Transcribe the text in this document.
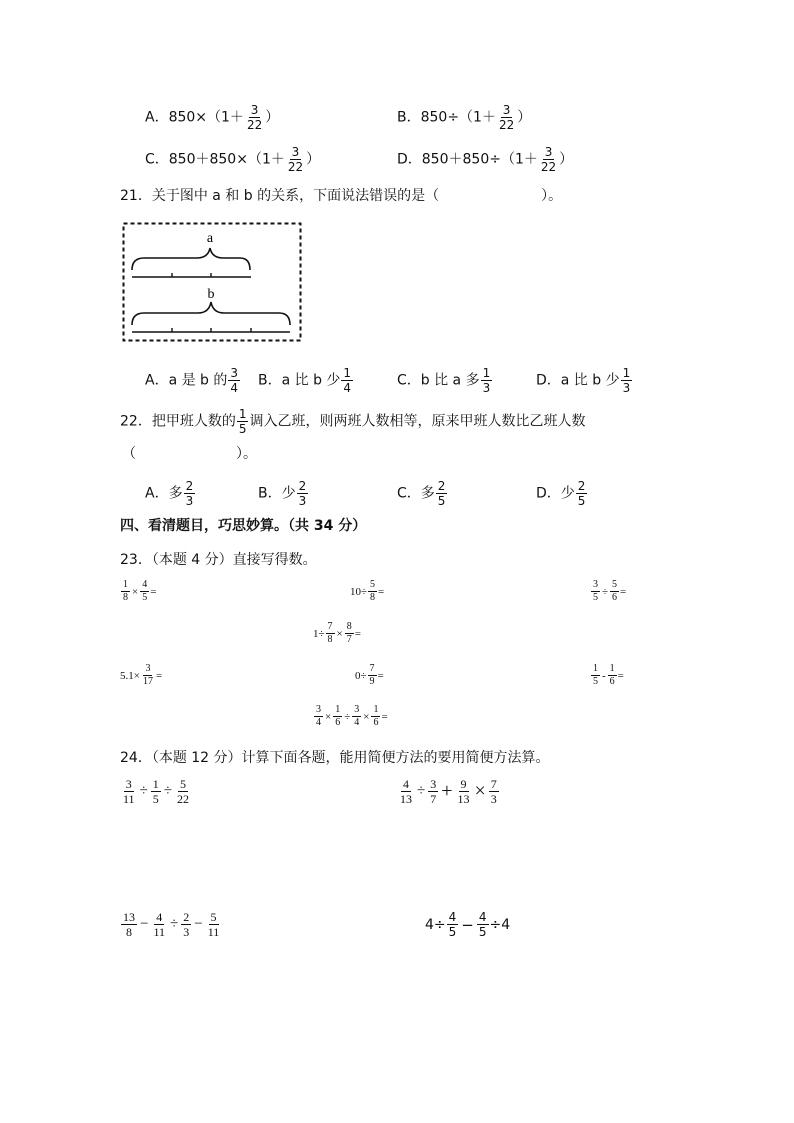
A．$850\times(1+ \frac{3}{22}$ ）	B．$850\div(1+ \frac{3}{22}$ ）
C．$850+850\times(1+ \frac{3}{22}$ ）	D．$850+850\div(1+ \frac{3}{22}$ ）
21．关于图中 a 和 b 的关系，下面说法错误的是（	）。
a
b
A．a 是 b 的 $\frac{3}{4}$ B．a 比 b 少 $\frac{1}{4}$	C．b 比 a 多 $\frac{1}{3}$	D．a 比 b 少 $\frac{1}{3}$
22．把甲班人数的 $\frac{1}{5}$ 调入乙班，则两班人数相等，原来甲班人数比乙班人数
（	）。
A．多 $\frac{2}{3}$	B．少 $\frac{2}{3}$	C．多 $\frac{2}{5}$	D．少 $\frac{2}{5}$
四、看清题目，巧思妙算。（共 34 分）
23．（本题 4 分）直接写得数。
$\frac{1}{8} \times \frac{4}{5}$ =	$10\div \frac{5}{8}$ =	$\frac{3}{5} \div \frac{5}{6}$ =
$1\div \frac{7}{8} \times \frac{8}{7}$ =
$5.1\times \frac{3}{17}$ =	$0\div \frac{7}{9}$ =	$\frac{1}{5} - \frac{1}{6}$ =
$\frac{3}{4} \times \frac{1}{6} \div \frac{3}{4} \times \frac{1}{6}$ =
24．（本题 12 分）计算下面各题，能用简便方法的要用简便方法算。
$\frac{3}{11} \div \frac{1}{5} \div \frac{5}{22}$	$\frac{4}{13} \div \frac{3}{7} + \frac{9}{13} \times \frac{7}{3}$
$\frac{13}{8} - \frac{4}{11} \div \frac{2}{3} - \frac{5}{11}$	$4\div \frac{4}{5} - \frac{4}{5} \div 4$
